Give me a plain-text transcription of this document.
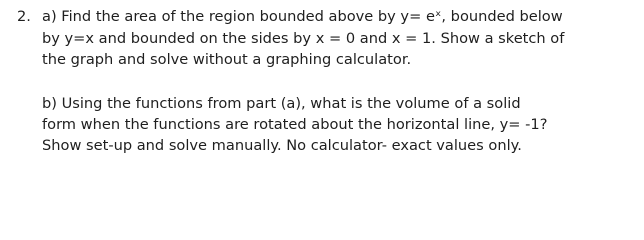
2. a) Find the area of the region bounded above by y= eˣ, bounded below
by y=x and bounded on the sides by x = 0 and x = 1. Show a sketch of
the graph and solve without a graphing calculator.
b) Using the functions from part (a), what is the volume of a solid
form when the functions are rotated about the horizontal line, y= -1?
Show set-up and solve manually. No calculator- exact values only.
